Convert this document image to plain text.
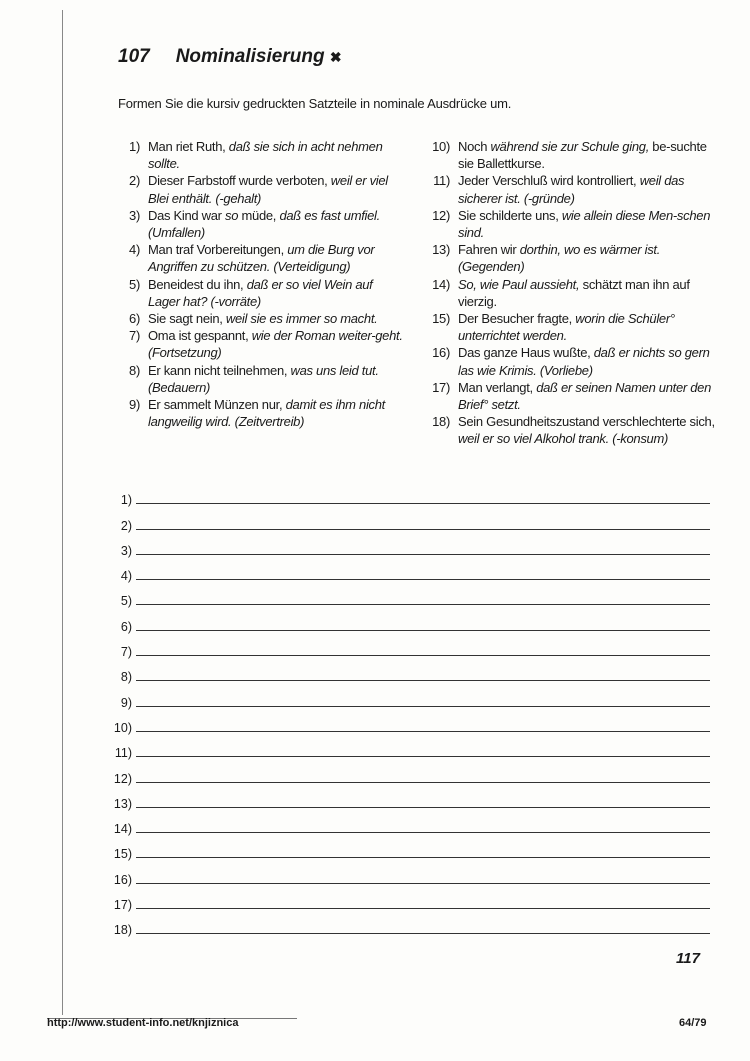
107 Nominalisierung ✖
Formen Sie die kursiv gedruckten Satzteile in nominale Ausdrücke um.
1) Man riet Ruth, daß sie sich in acht nehmen sollte.
2) Dieser Farbstoff wurde verboten, weil er viel Blei enthält. (-gehalt)
3) Das Kind war so müde, daß es fast umfiel. (Umfallen)
4) Man traf Vorbereitungen, um die Burg vor Angriffen zu schützen. (Verteidigung)
5) Beneidest du ihn, daß er so viel Wein auf Lager hat? (-vorräte)
6) Sie sagt nein, weil sie es immer so macht.
7) Oma ist gespannt, wie der Roman weiter-geht. (Fortsetzung)
8) Er kann nicht teilnehmen, was uns leid tut. (Bedauern)
9) Er sammelt Münzen nur, damit es ihm nicht langweilig wird. (Zeitvertreib)
10) Noch während sie zur Schule ging, be-suchte sie Ballettkurse.
11) Jeder Verschluß wird kontrolliert, weil das sicherer ist. (-gründe)
12) Sie schilderte uns, wie allein diese Men-schen sind.
13) Fahren wir dorthin, wo es wärmer ist. (Gegenden)
14) So, wie Paul aussieht, schätzt man ihn auf vierzig.
15) Der Besucher fragte, worin die Schüler° unterrichtet werden.
16) Das ganze Haus wußte, daß er nichts so gern las wie Krimis. (Vorliebe)
17) Man verlangt, daß er seinen Namen unter den Brief° setzt.
18) Sein Gesundheitszustand verschlechterte sich, weil er so viel Alkohol trank. (-konsum)
1)
2)
3)
4)
5)
6)
7)
8)
9)
10)
11)
12)
13)
14)
15)
16)
17)
18)
117
http://www.student-info.net/knjiznica	64/79
